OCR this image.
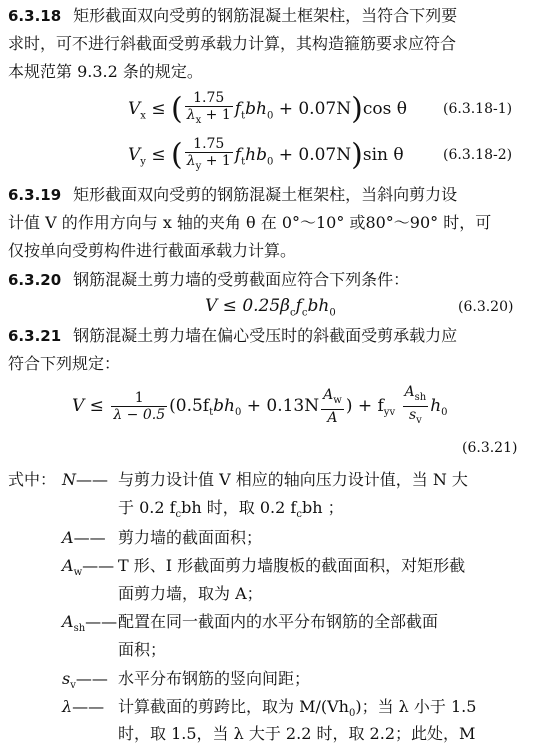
6.3.18 矩形截面双向受剪的钢筋混凝土框架柱，当符合下列要
求时，可不进行斜截面受剪承载力计算，其构造箍筋要求应符合
本规范第 9.3.2 条的规定。
$V_x$ ≤ ( $\frac{1.75}{\lambda_x + 1} f_tbh_0 + 0.07N)\cos$ θ	(6.3.18-1)
$V_y$ ≤ ( $\frac{1.75}{\lambda_y + 1} f_thb_0 + 0.07N)\sin$ θ	(6.3.18-2)
6.3.19 矩形截面双向受剪的钢筋混凝土框架柱，当斜向剪力设
计值 V 的作用方向与 x 轴的夹角 θ 在 0°～10° 或80°～90° 时，可
仅按单向受剪构件进行截面承载力计算。
6.3.20 钢筋混凝土剪力墙的受剪截面应符合下列条件：
$V \le 0.25\beta_cf_cbh_0$	(6.3.20)
6.3.21 钢筋混凝土剪力墙在偏心受压时的斜截面受剪承载力应
符合下列规定：
$V \le \frac{1}{\lambda - 0.5} (0.5f_tbh_0 + 0.13N \frac{A_w}{A}$ ) + $f_{yv} \frac{A_{sh}}{s_v} h_0$
(6.3.21)
式中： N—— 与剪力设计值 V 相应的轴向压力设计值，当 N 大
于 0.2 $f_cbh$ 时，取 0.2 $f_cbh$ ；
A—— 剪力墙的截面面积；
$A_w——$ T 形、I 形截面剪力墙腹板的截面面积，对矩形截
面剪力墙，取为 A；
$A_{sh}——$ 配置在同一截面内的水平分布钢筋的全部截面
面积；
$s_v——$ 水平分布钢筋的竖向间距；
λ—— 计算截面的剪跨比，取为 $M/(Vh_0)$；当 λ 小于 1.5
时，取 1.5，当 λ 大于 2.2 时，取 2.2；此处，M
